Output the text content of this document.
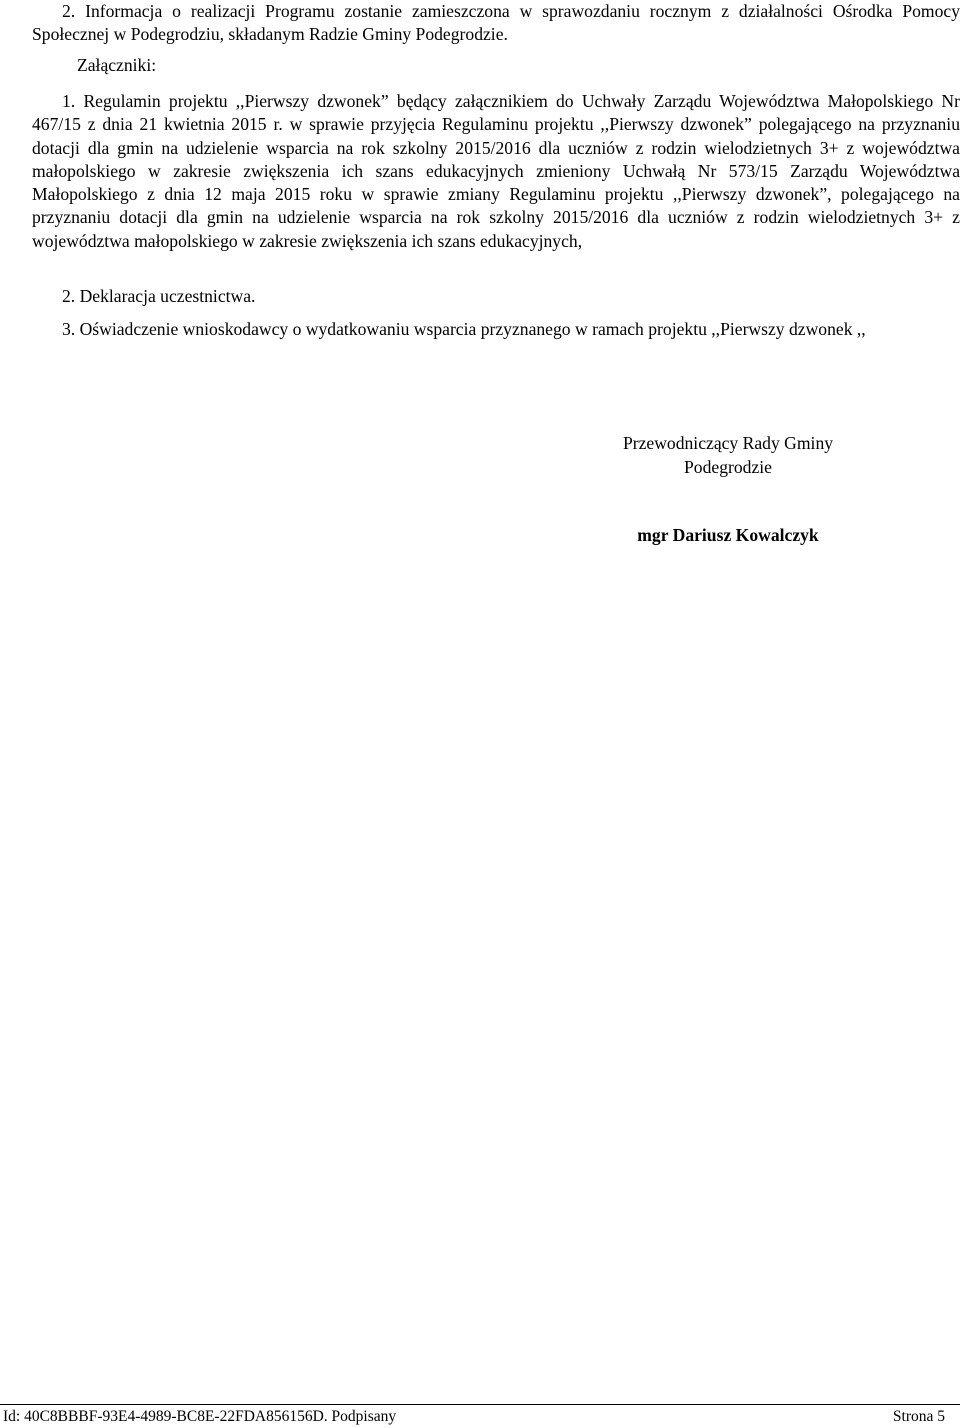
2. Informacja o realizacji Programu zostanie zamieszczona w sprawozdaniu rocznym z działalności Ośrodka Pomocy Społecznej w Podegrodziu, składanym Radzie Gminy Podegrodzie.
Załączniki:
1. Regulamin projektu ,,Pierwszy dzwonek” będący załącznikiem do Uchwały Zarządu Województwa Małopolskiego Nr 467/15 z dnia 21 kwietnia 2015 r. w sprawie przyjęcia Regulaminu projektu ,,Pierwszy dzwonek” polegającego na przyznaniu dotacji dla gmin na udzielenie wsparcia na rok szkolny 2015/2016 dla uczniów z rodzin wielodzietnych 3+ z województwa małopolskiego w zakresie zwiększenia ich szans edukacyjnych zmieniony Uchwałą Nr 573/15 Zarządu Województwa Małopolskiego z dnia 12 maja 2015 roku w sprawie zmiany Regulaminu projektu ,,Pierwszy dzwonek”, polegającego na przyznaniu dotacji dla gmin na udzielenie wsparcia na rok szkolny 2015/2016 dla uczniów z rodzin wielodzietnych 3+ z województwa małopolskiego w zakresie zwiększenia ich szans edukacyjnych,
2. Deklaracja uczestnictwa.
3. Oświadczenie wnioskodawcy o wydatkowaniu wsparcia przyznanego w ramach projektu ,,Pierwszy dzwonek ,,
Przewodniczący Rady Gminy
Podegrodzie
mgr Dariusz Kowalczyk
Id: 40C8BBBF-93E4-4989-BC8E-22FDA856156D. Podpisany	Strona 5
